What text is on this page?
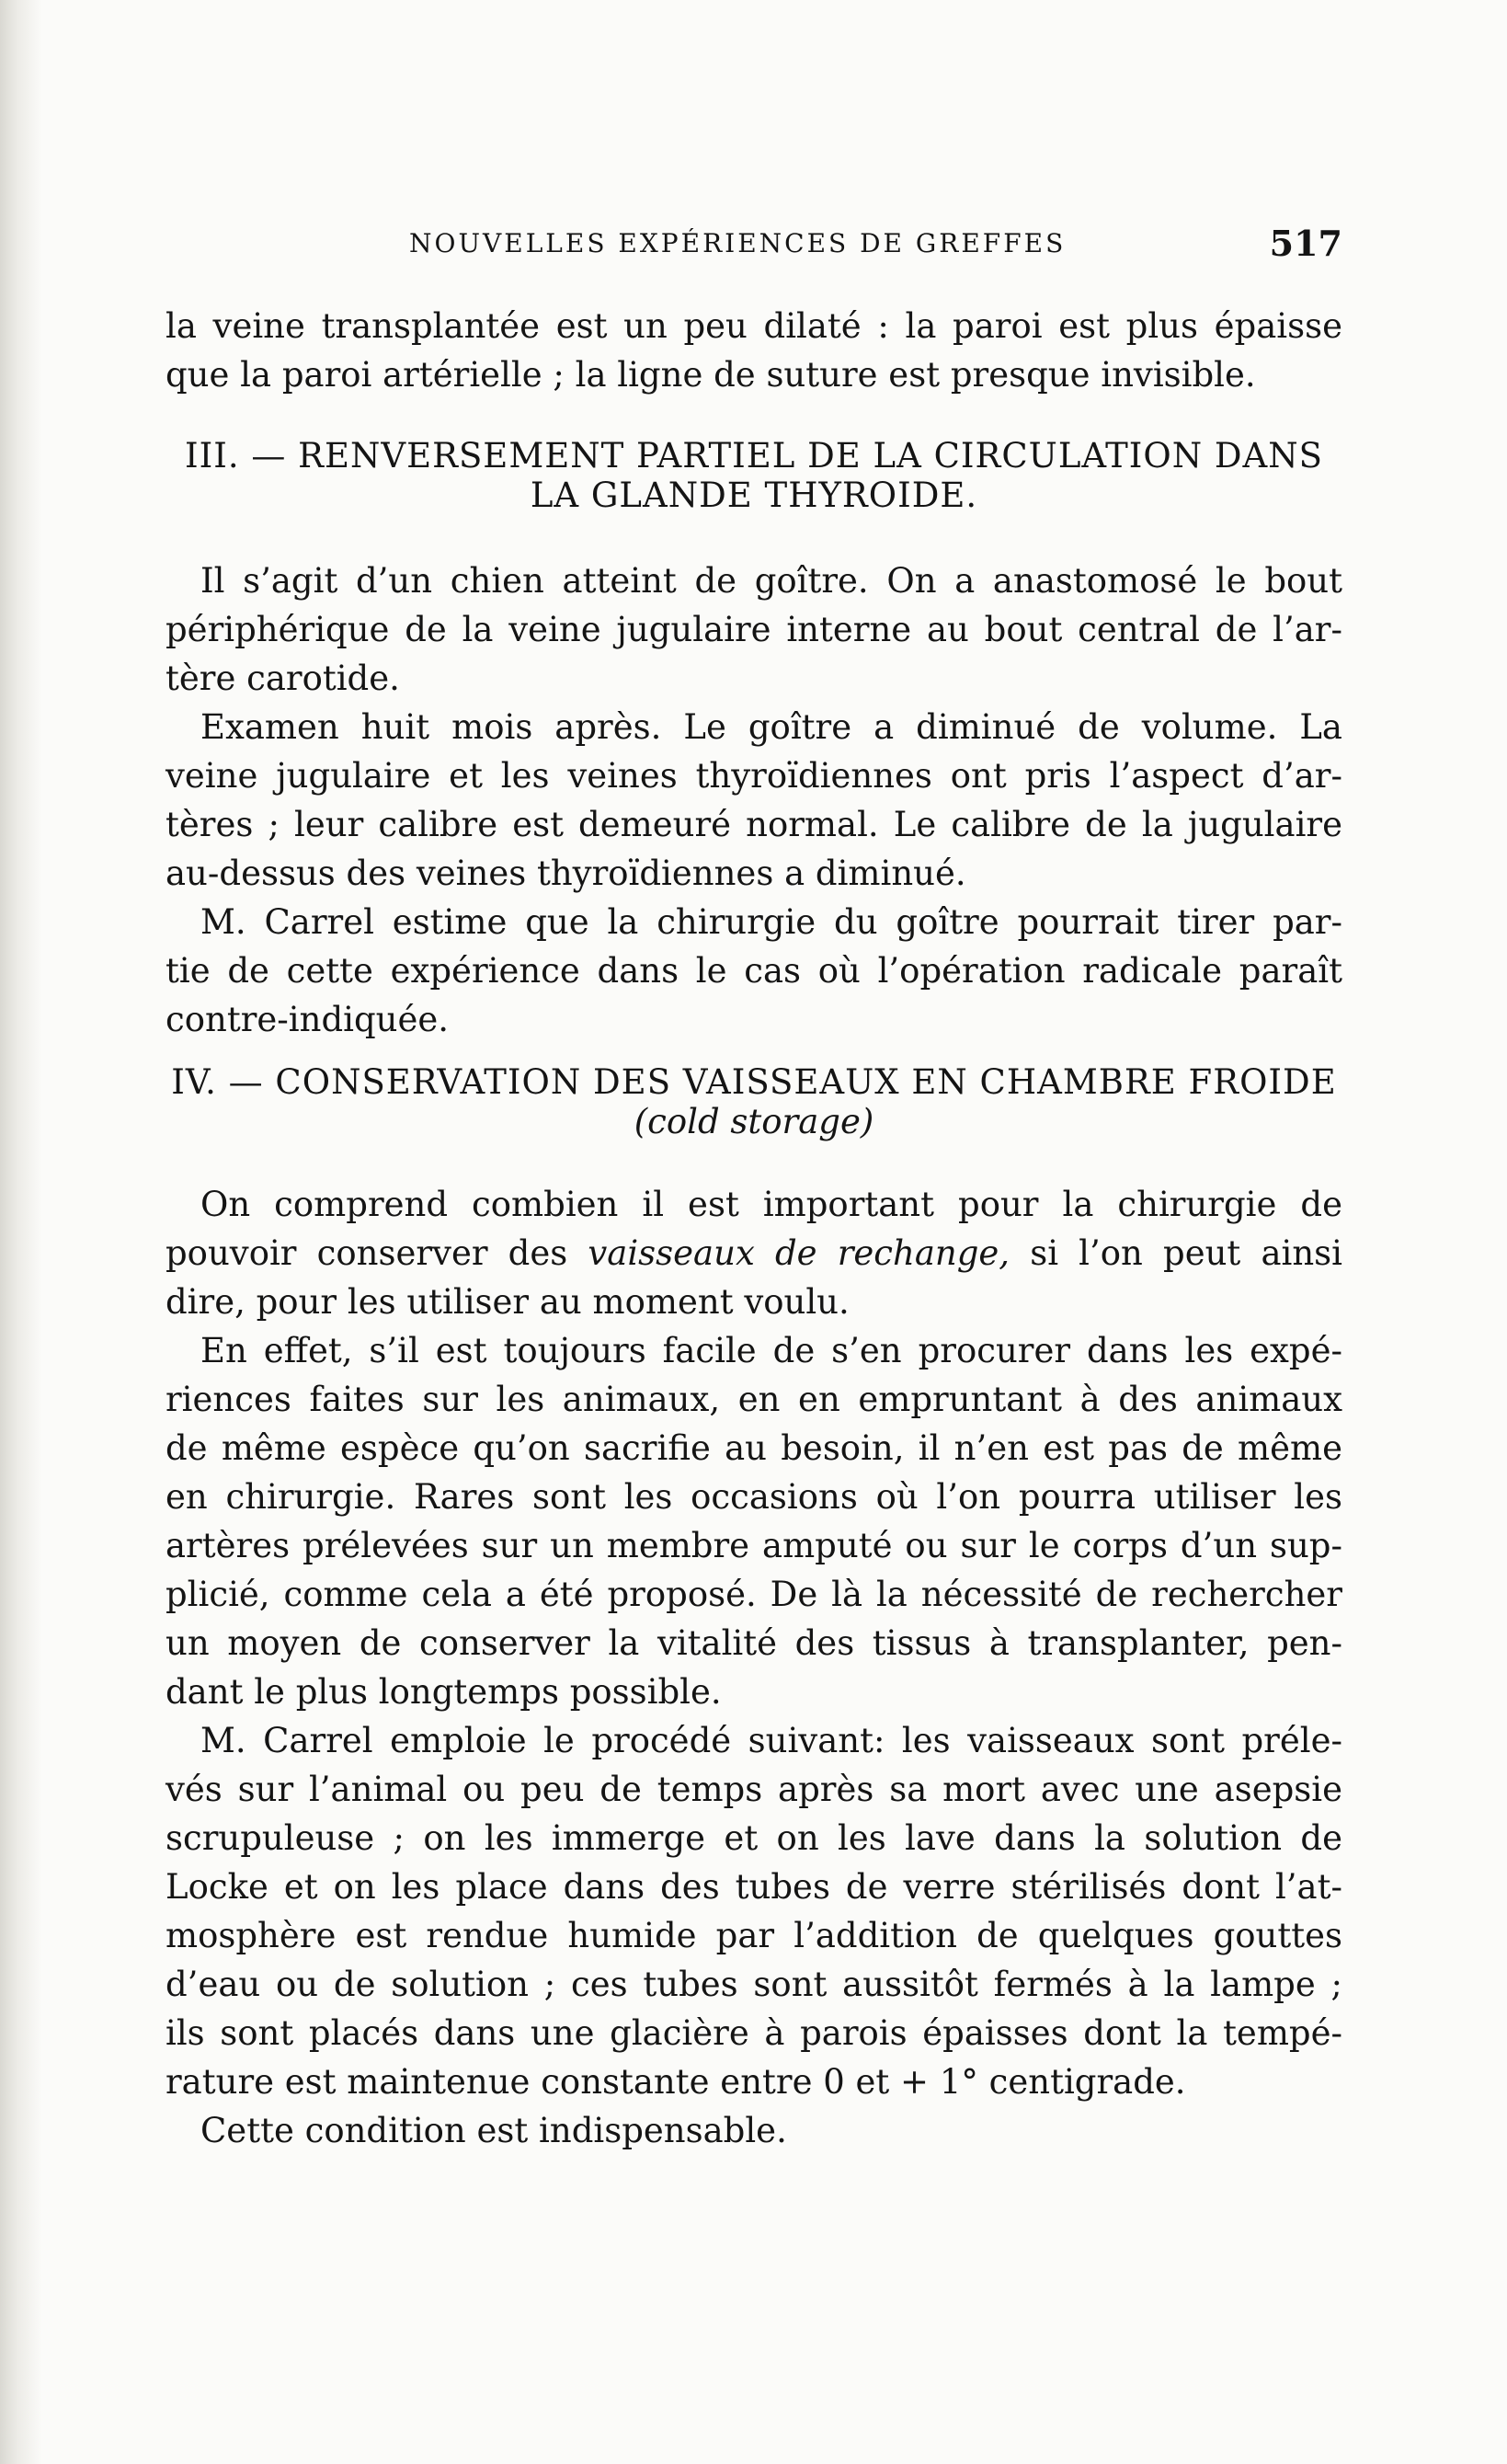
NOUVELLES EXPÉRIENCES DE GREFFES	517

la veine transplantée est un peu dilaté : la paroi est plus épaisse
que la paroi artérielle ; la ligne de suture est presque invisible.

III. — RENVERSEMENT PARTIEL DE LA CIRCULATION DANS
LA GLANDE THYROIDE.

Il s’agit d’un chien atteint de goître. On a anastomosé le bout
périphérique de la veine jugulaire interne au bout central de l’ar-
tère carotide.

Examen huit mois après. Le goître a diminué de volume. La
veine jugulaire et les veines thyroïdiennes ont pris l’aspect d’ar-
tères ; leur calibre est demeuré normal. Le calibre de la jugulaire
au-dessus des veines thyroïdiennes a diminué.

M. Carrel estime que la chirurgie du goître pourrait tirer par-
tie de cette expérience dans le cas où l’opération radicale paraît
contre-indiquée.

IV. — CONSERVATION DES VAISSEAUX EN CHAMBRE FROIDE
(cold storage)

On comprend combien il est important pour la chirurgie de
pouvoir conserver des vaisseaux de rechange, si l’on peut ainsi
dire, pour les utiliser au moment voulu.

En effet, s’il est toujours facile de s’en procurer dans les expé-
riences faites sur les animaux, en en empruntant à des animaux
de même espèce qu’on sacrifie au besoin, il n’en est pas de même
en chirurgie. Rares sont les occasions où l’on pourra utiliser les
artères prélevées sur un membre amputé ou sur le corps d’un sup-
plicié, comme cela a été proposé. De là la nécessité de rechercher
un moyen de conserver la vitalité des tissus à transplanter, pen-
dant le plus longtemps possible.

M. Carrel emploie le procédé suivant: les vaisseaux sont préle-
vés sur l’animal ou peu de temps après sa mort avec une asepsie
scrupuleuse ; on les immerge et on les lave dans la solution de
Locke et on les place dans des tubes de verre stérilisés dont l’at-
mosphère est rendue humide par l’addition de quelques gouttes
d’eau ou de solution ; ces tubes sont aussitôt fermés à la lampe ;
ils sont placés dans une glacière à parois épaisses dont la tempé-
rature est maintenue constante entre 0 et + 1° centigrade.

Cette condition est indispensable.
